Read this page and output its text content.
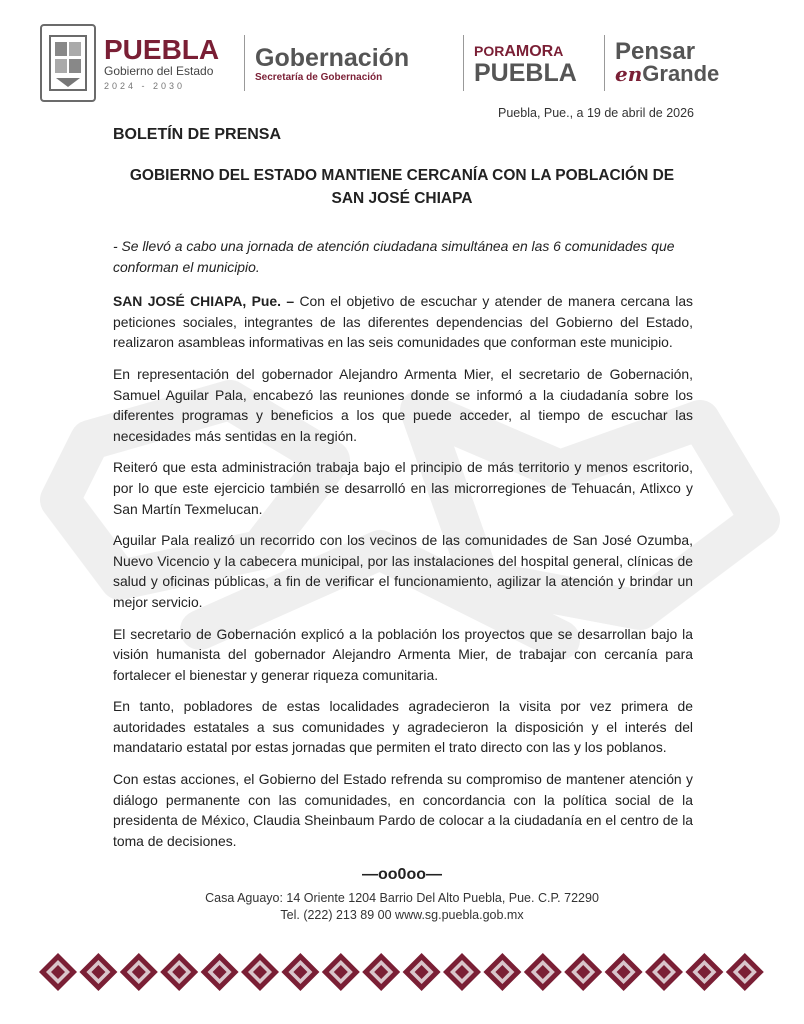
PUEBLA
Gobierno del Estado
2024 - 2030
Gobernación
Secretaría de Gobernación
PORAMORA
PUEBLA
Pensar
enGrande
Puebla, Pue., a 19 de abril de 2026
BOLETÍN DE PRENSA
GOBIERNO DEL ESTADO MANTIENE CERCANÍA CON LA POBLACIÓN DE SAN JOSÉ CHIAPA

- Se llevó a cabo una jornada de atención ciudadana simultánea en las 6 comunidades que conforman el municipio.

SAN JOSÉ CHIAPA, Pue. – Con el objetivo de escuchar y atender de manera cercana las peticiones sociales, integrantes de las diferentes dependencias del Gobierno del Estado, realizaron asambleas informativas en las seis comunidades que conforman este municipio.

En representación del gobernador Alejandro Armenta Mier, el secretario de Gobernación, Samuel Aguilar Pala, encabezó las reuniones donde se informó a la ciudadanía sobre los diferentes programas y beneficios a los que puede acceder, al tiempo de escuchar las necesidades más sentidas en la región.

Reiteró que esta administración trabaja bajo el principio de más territorio y menos escritorio, por lo que este ejercicio también se desarrolló en las microrregiones de Tehuacán, Atlixco y San Martín Texmelucan.

Aguilar Pala realizó un recorrido con los vecinos de las comunidades de San José Ozumba, Nuevo Vicencio y la cabecera municipal, por las instalaciones del hospital general, clínicas de salud y oficinas públicas, a fin de verificar el funcionamiento, agilizar la atención y brindar un mejor servicio.

El secretario de Gobernación explicó a la población los proyectos que se desarrollan bajo la visión humanista del gobernador Alejandro Armenta Mier, de trabajar con cercanía para fortalecer el bienestar y generar riqueza comunitaria.

En tanto, pobladores de estas localidades agradecieron la visita por vez primera de autoridades estatales a sus comunidades y agradecieron la disposición y el interés del mandatario estatal por estas jornadas que permiten el trato directo con las y los poblanos.

Con estas acciones, el Gobierno del Estado refrenda su compromiso de mantener atención y diálogo permanente con las comunidades, en concordancia con la política social de la presidenta de México, Claudia Sheinbaum Pardo de colocar a la ciudadanía en el centro de la toma de decisiones.

—oo0oo—
Casa Aguayo: 14 Oriente 1204 Barrio Del Alto Puebla, Pue. C.P. 72290
Tel. (222) 213 89 00 www.sg.puebla.gob.mx
